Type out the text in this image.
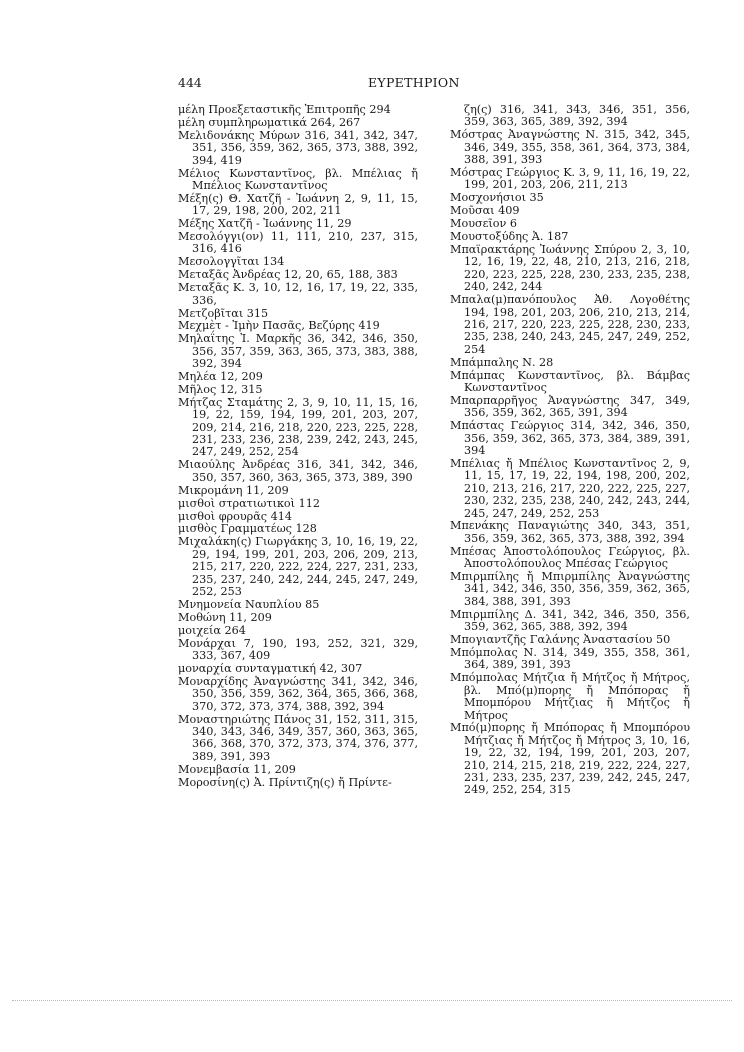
444	ΕΥΡΕΤΗΡΙΟΝ
μέλη Προεξεταστικῆς Ἐπιτροπῆς 294
μέλη συμπληρωματικά 264, 267
Μελιδονάκης Μύρων 316, 341, 342, 347, 351, 356, 359, 362, 365, 373, 388, 392, 394, 419
Μέλιος Κωνσταντῖνος, βλ. Μπέλιας ἤ Μπέλιος Κωνσταντῖνος
Μέξη(ς) Θ. Χατζῆ - Ἰωάννη 2, 9, 11, 15, 17, 29, 198, 200, 202, 211
Μέξης Χατζῆ - Ἰωάννης 11, 29
Μεσολόγγι(ον) 11, 111, 210, 237, 315, 316, 416
Μεσολογγῖται 134
Μεταξᾶς Ἀνδρέας 12, 20, 65, 188, 383
Μεταξᾶς Κ. 3, 10, 12, 16, 17, 19, 22, 335, 336,
Μετζοβῖται 315
Μεχμὲτ - Ἰμὴν Πασᾶς, Βεζύρης 419
Μηλαΐτης Ἰ. Μαρκῆς 36, 342, 346, 350, 356, 357, 359, 363, 365, 373, 383, 388, 392, 394
Μηλέα 12, 209
Μῆλος 12, 315
Μήτζας Σταμάτης 2, 3, 9, 10, 11, 15, 16, 19, 22, 159, 194, 199, 201, 203, 207, 209, 214, 216, 218, 220, 223, 225, 228, 231, 233, 236, 238, 239, 242, 243, 245, 247, 249, 252, 254
Μιαούλης Ἀνδρέας 316, 341, 342, 346, 350, 357, 360, 363, 365, 373, 389, 390
Μικρομάνη 11, 209
μισθοὶ στρατιωτικοὶ 112
μισθοὶ φρουρᾶς 414
μισθὸς Γραμματέως 128
Μιχαλάκη(ς) Γιωργάκης 3, 10, 16, 19, 22, 29, 194, 199, 201, 203, 206, 209, 213, 215, 217, 220, 222, 224, 227, 231, 233, 235, 237, 240, 242, 244, 245, 247, 249, 252, 253
Μνημονεία Ναυπλίου 85
Μοθώνη 11, 209
μοιχεία 264
Μονάρχαι 7, 190, 193, 252, 321, 329, 333, 367, 409
μοναρχία συνταγματική 42, 307
Μοναρχίδης Ἀναγνώστης 341, 342, 346, 350, 356, 359, 362, 364, 365, 366, 368, 370, 372, 373, 374, 388, 392, 394
Μοναστηριώτης Πάνος 31, 152, 311, 315, 340, 343, 346, 349, 357, 360, 363, 365, 366, 368, 370, 372, 373, 374, 376, 377, 389, 391, 393
Μονεμβασία 11, 209
Μοροσίνη(ς) Ἀ. Πρίντιζη(ς) ἤ Πρίντε-
ζη(ς) 316, 341, 343, 346, 351, 356, 359, 363, 365, 389, 392, 394
Μόστρας Ἀναγνώστης Ν. 315, 342, 345, 346, 349, 355, 358, 361, 364, 373, 384, 388, 391, 393
Μόστρας Γεώργιος Κ. 3, 9, 11, 16, 19, 22, 199, 201, 203, 206, 211, 213
Μοσχονήσιοι 35
Μοῦσαι 409
Μουσεῖον 6
Μουστοξύδης Ἀ. 187
Μπαϊρακτάρης Ἰωάννης Σπύρου 2, 3, 10, 12, 16, 19, 22, 48, 210, 213, 216, 218, 220, 223, 225, 228, 230, 233, 235, 238, 240, 242, 244
Μπαλα(μ)πανόπουλος Ἀθ. Λογοθέτης 194, 198, 201, 203, 206, 210, 213, 214, 216, 217, 220, 223, 225, 228, 230, 233, 235, 238, 240, 243, 245, 247, 249, 252, 254
Μπάμπαλης Ν. 28
Μπάμπας Κωνσταντῖνος, βλ. Βάμβας Κωνσταντῖνος
Μπαρπαρρῆγος Ἀναγνώστης 347, 349, 356, 359, 362, 365, 391, 394
Μπάστας Γεώργιος 314, 342, 346, 350, 356, 359, 362, 365, 373, 384, 389, 391, 394
Μπέλιας ἤ Μπέλιος Κωνσταντῖνος 2, 9, 11, 15, 17, 19, 22, 194, 198, 200, 202, 210, 213, 216, 217, 220, 222, 225, 227, 230, 232, 235, 238, 240, 242, 243, 244, 245, 247, 249, 252, 253
Μπενάκης Παναγιώτης 340, 343, 351, 356, 359, 362, 365, 373, 388, 392, 394
Μπέσας Ἀποστολόπουλος Γεώργιος, βλ. Ἀποστολόπουλος Μπέσας Γεώργιος
Μπιρμπίλης ἤ Μπιρμπίλης Ἀναγνώστης 341, 342, 346, 350, 356, 359, 362, 365, 384, 388, 391, 393
Μπιρμπίλης Δ. 341, 342, 346, 350, 356, 359, 362, 365, 388, 392, 394
Μπογιαντζῆς Γαλάνης Ἀναστασίου 50
Μπόμπολας Ν. 314, 349, 355, 358, 361, 364, 389, 391, 393
Μπόμπολας Μήτζια ἤ Μήτζος ἤ Μήτρος, βλ. Μπό(μ)πορης ἤ Μπόπορας ἤ Μπομπόρου Μήτζιας ἤ Μήτζος ἤ Μήτρος
Μπό(μ)πορης ἤ Μπόπορας ἤ Μπομπόρου Μήτζιας ἤ Μήτζος ἤ Μήτρος 3, 10, 16, 19, 22, 32, 194, 199, 201, 203, 207, 210, 214, 215, 218, 219, 222, 224, 227, 231, 233, 235, 237, 239, 242, 245, 247, 249, 252, 254, 315
